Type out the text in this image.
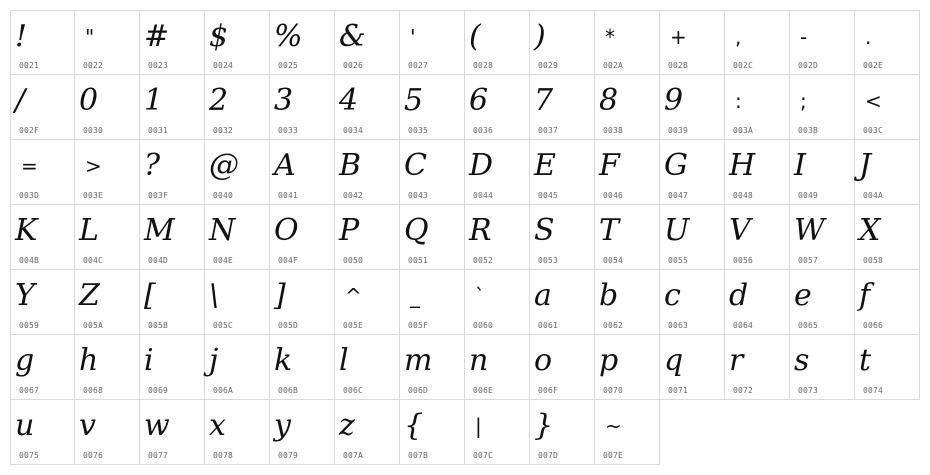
!
0021
"
0022
#
0023
$
0024
%
0025
&
0026
'
0027
(
0028
)
0029
*
002A
+
002B
,
002C
-
002D
.
002E
/
002F
0
0030
1
0031
2
0032
3
0033
4
0034
5
0035
6
0036
7
0037
8
0038
9
0039
:
003A
;
003B
<
003C
=
003D
>
003E
?
003F
@
0040
A
0041
B
0042
C
0043
D
0044
E
0045
F
0046
G
0047
H
0048
I
0049
J
004A
K
004B
L
004C
M
004D
N
004E
O
004F
P
0050
Q
0051
R
0052
S
0053
T
0054
U
0055
V
0056
W
0057
X
0058
Y
0059
Z
005A
[
005B
\
005C
]
005D
^
005E
_
005F
`
0060
a
0061
b
0062
c
0063
d
0064
e
0065
f
0066
g
0067
h
0068
i
0069
j
006A
k
006B
l
006C
m
006D
n
006E
o
006F
p
0070
q
0071
r
0072
s
0073
t
0074
u
0075
v
0076
w
0077
x
0078
y
0079
z
007A
{
007B
|
007C
}
007D
~
007E
